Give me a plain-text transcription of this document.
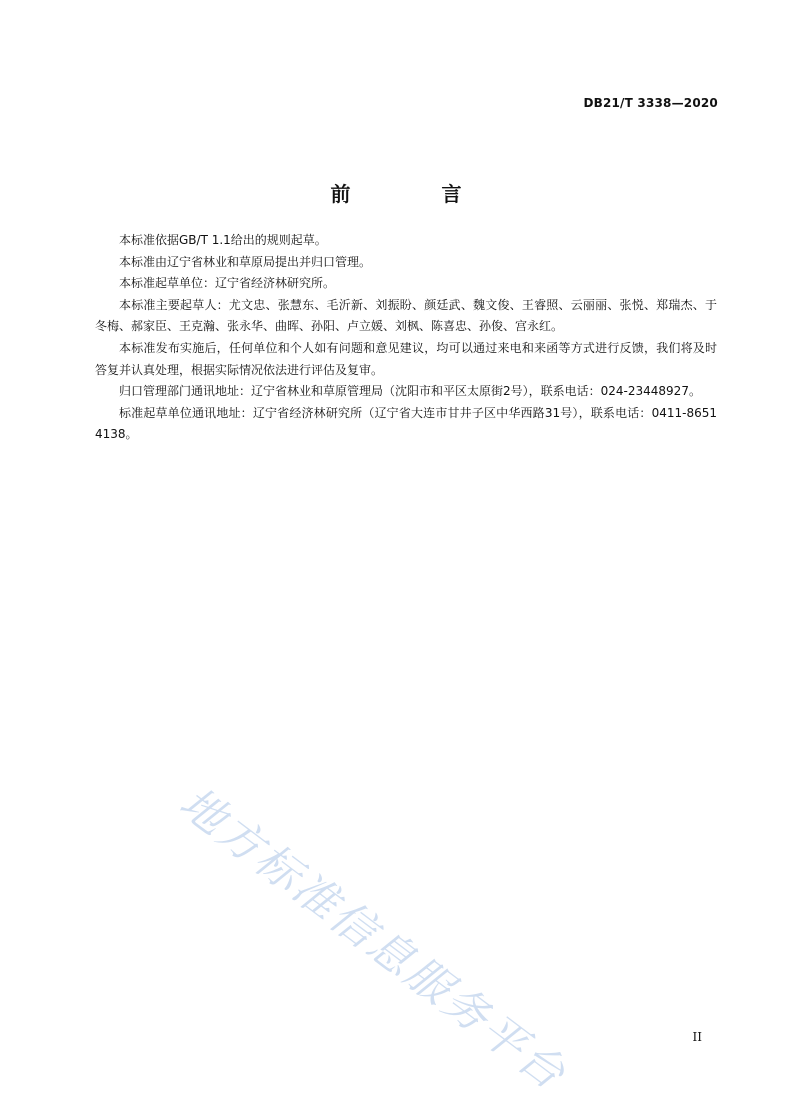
DB21/T 3338—2020
前 言

本标准依据GB/T 1.1给出的规则起草。

本标准由辽宁省林业和草原局提出并归口管理。

本标准起草单位：辽宁省经济林研究所。

本标准主要起草人：尤文忠、张慧东、毛沂新、刘振盼、颜廷武、魏文俊、王睿照、云丽丽、张悦、郑瑞杰、于冬梅、郝家臣、王克瀚、张永华、曲晖、孙阳、卢立媛、刘枫、陈喜忠、孙俊、宫永红。

本标准发布实施后，任何单位和个人如有问题和意见建议，均可以通过来电和来函等方式进行反馈，我们将及时答复并认真处理，根据实际情况依法进行评估及复审。

归口管理部门通讯地址：辽宁省林业和草原管理局（沈阳市和平区太原街2号），联系电话：024-23448927。

标准起草单位通讯地址：辽宁省经济林研究所（辽宁省大连市甘井子区中华西路31号），联系电话：0411-86514138。

地方标准信息服务平台	II
